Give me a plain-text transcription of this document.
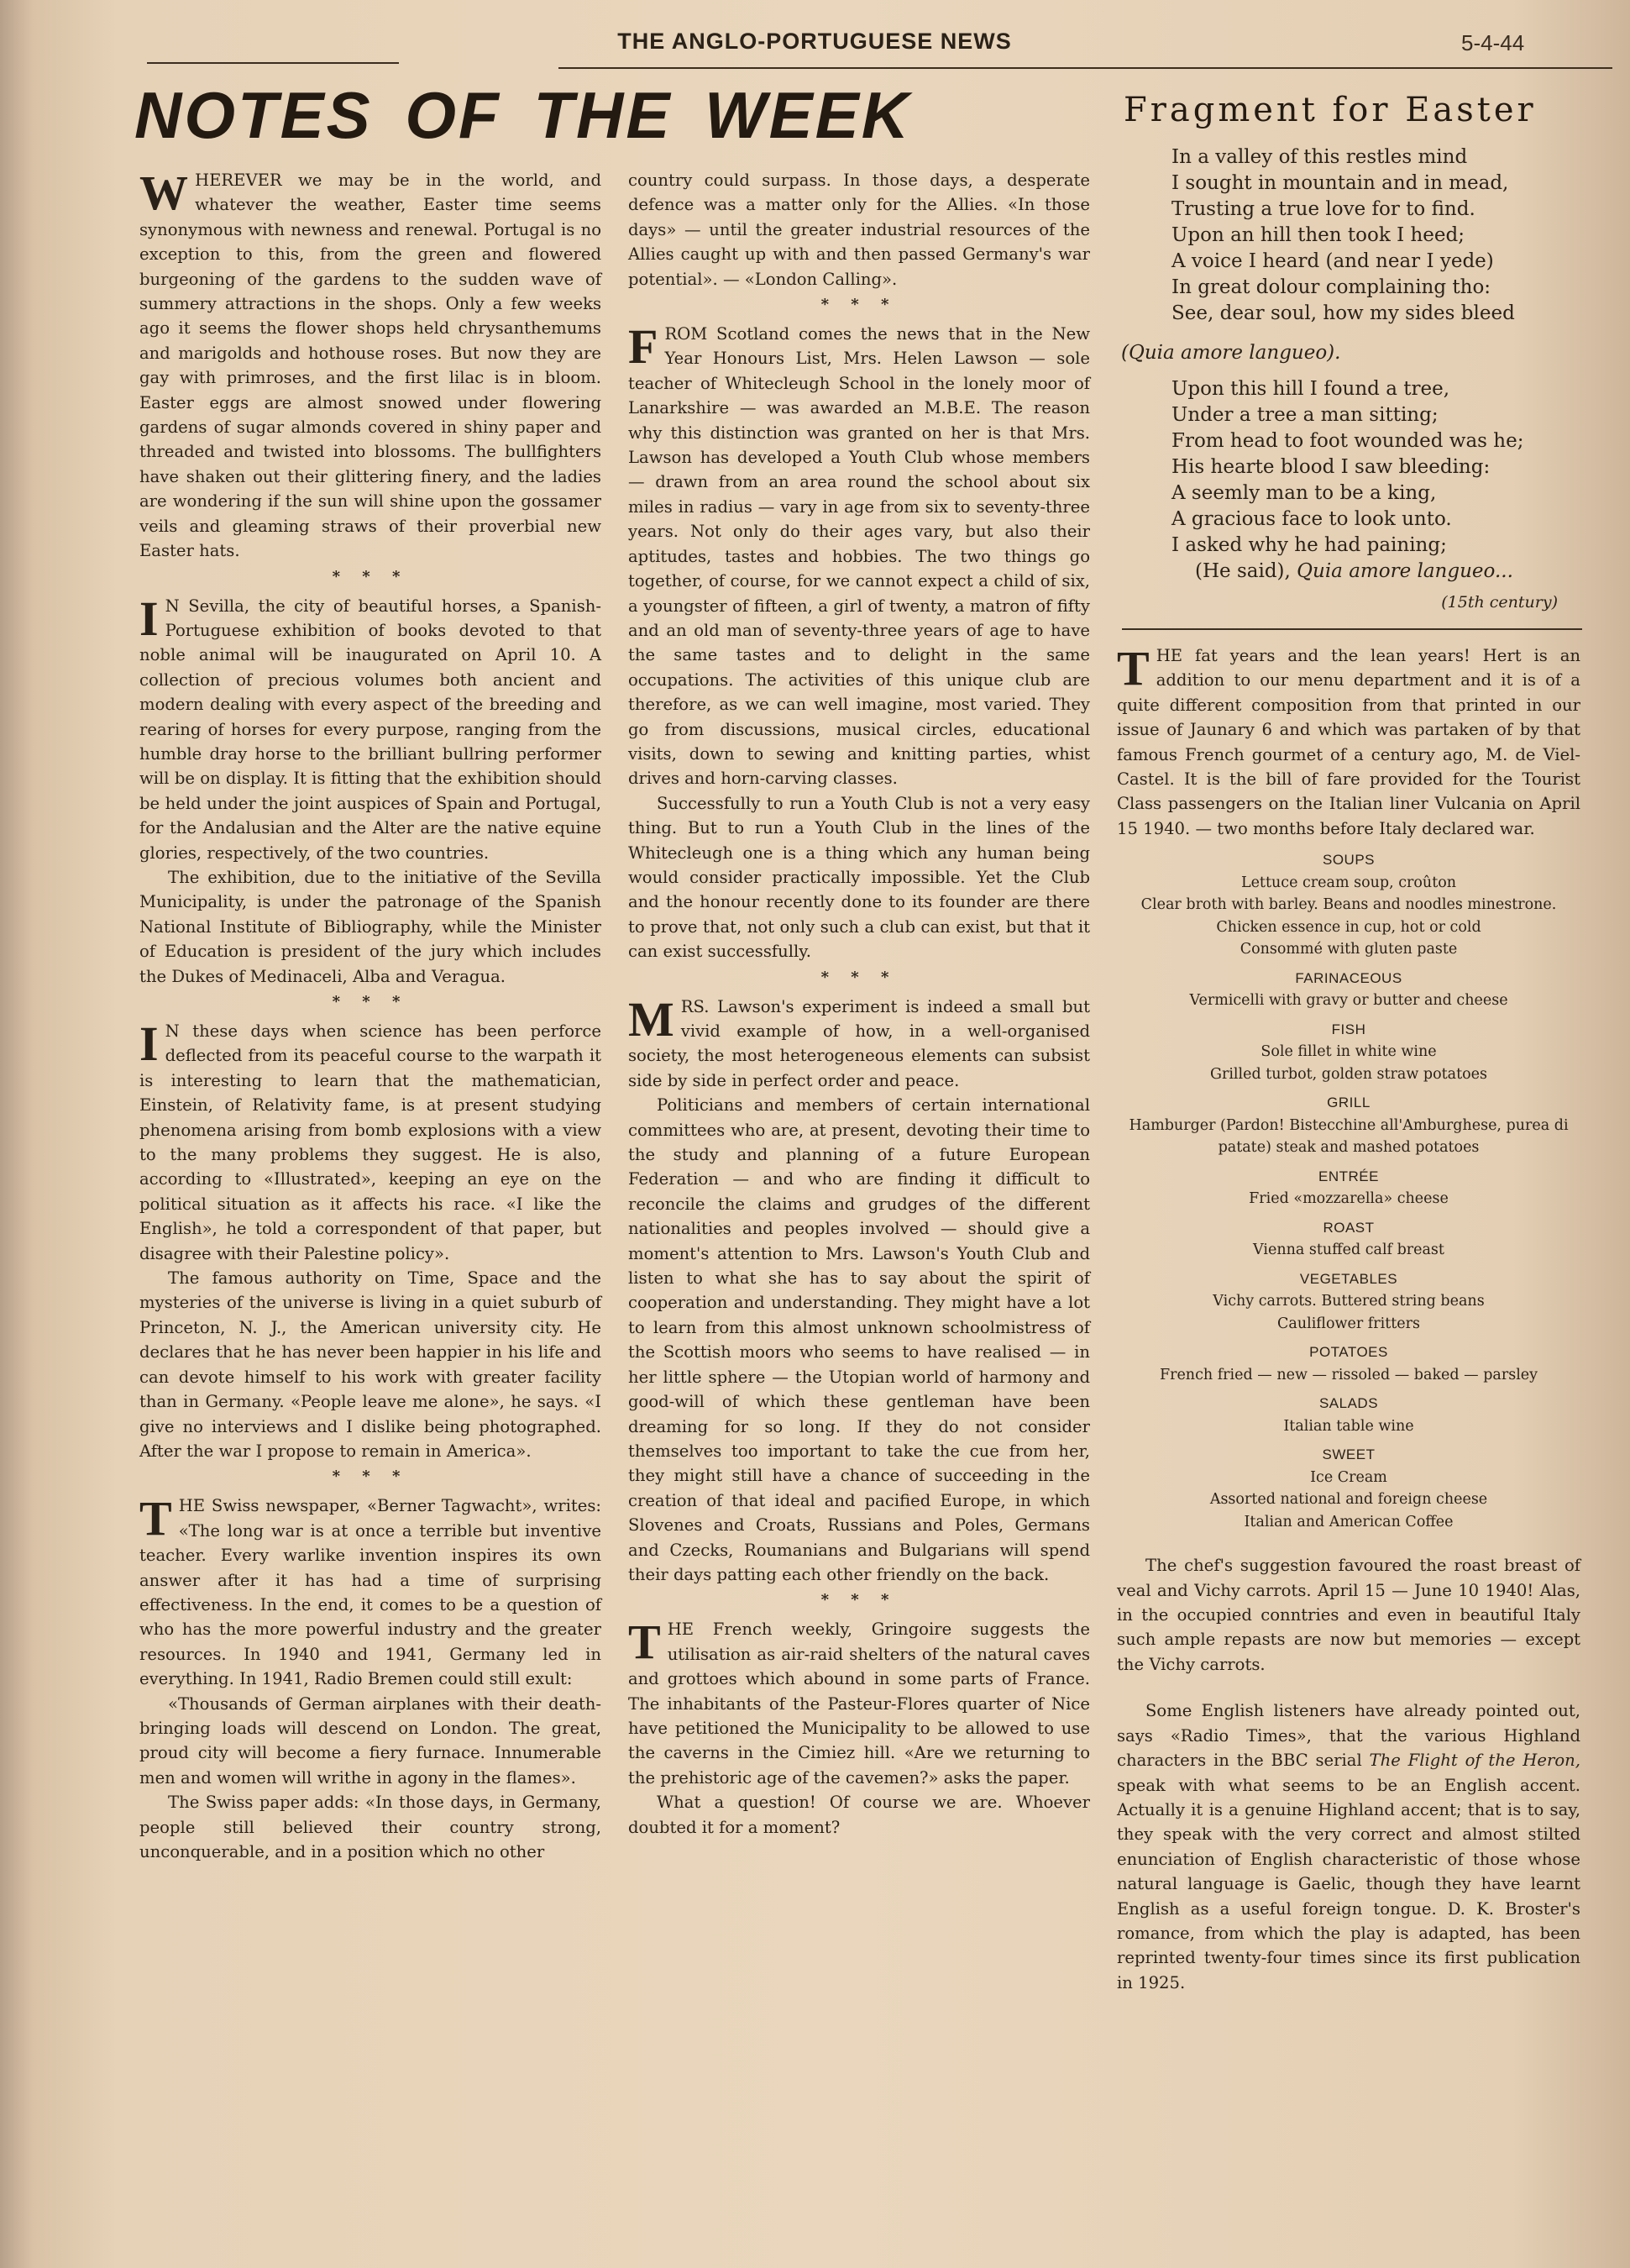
THE ANGLO-PORTUGUESE NEWS	5-4-44
NOTES OF THE WEEK

WHEREVER we may be in the world, and whatever the weather, Easter time seems synonymous with newness and renewal. Portugal is no exception to this, from the green and flowered burgeoning of the gardens to the sudden wave of summery attractions in the shops. Only a few weeks ago it seems the flower shops held chrysanthemums and marigolds and hothouse roses. But now they are gay with primroses, and the first lilac is in bloom. Easter eggs are almost snowed under flowering gardens of sugar almonds covered in shiny paper and threaded and twisted into blossoms. The bullfighters have shaken out their glittering finery, and the ladies are wondering if the sun will shine upon the gossamer veils and gleaming straws of their proverbial new Easter hats.

* * *

I N Sevilla, the city of beautiful horses, a Spanish-Portuguese exhibition of books devoted to that noble animal will be inaugurated on April 10. A collection of precious volumes both ancient and modern dealing with every aspect of the breeding and rearing of horses for every purpose, ranging from the humble dray horse to the brilliant bullring performer will be on display. It is fitting that the exhibition should be held under the joint auspices of Spain and Portugal, for the Andalusian and the Alter are the native equine glories, respectively, of the two countries.

The exhibition, due to the initiative of the Sevilla Municipality, is under the patronage of the Spanish National Institute of Bibliography, while the Minister of Education is president of the jury which includes the Dukes of Medinaceli, Alba and Veragua.

* * *

I N these days when science has been perforce deflected from its peaceful course to the warpath it is interesting to learn that the mathematician, Einstein, of Relativity fame, is at present studying phenomena arising from bomb explosions with a view to the many problems they suggest. He is also, according to «Illustrated», keeping an eye on the political situation as it affects his race. «I like the English», he told a correspondent of that paper, but disagree with their Palestine policy».

The famous authority on Time, Space and the mysteries of the universe is living in a quiet suburb of Princeton, N. J., the American university city. He declares that he has never been happier in his life and can devote himself to his work with greater facility than in Germany. «People leave me alone», he says. «I give no interviews and I dislike being photographed. After the war I propose to remain in America».

* * *

THE Swiss newspaper, «Berner Tagwacht», writes: «The long war is at once a terrible but inventive teacher. Every warlike invention inspires its own answer after it has had a time of surprising effectiveness. In the end, it comes to be a question of who has the more powerful industry and the greater resources. In 1940 and 1941, Germany led in everything. In 1941, Radio Bremen could still exult:

«Thousands of German airplanes with their death-bringing loads will descend on London. The great, proud city will become a fiery furnace. Innumerable men and women will writhe in agony in the flames».

The Swiss paper adds: «In those days, in Germany, people still believed their country strong, unconquerable, and in a position which no other

country could surpass. In those days, a desperate defence was a matter only for the Allies. «In those days» — until the greater industrial resources of the Allies caught up with and then passed Germany's war potential». — «London Calling».

* * *

FROM Scotland comes the news that in the New Year Honours List, Mrs. Helen Lawson — sole teacher of Whitecleugh School in the lonely moor of Lanarkshire — was awarded an M.B.E. The reason why this distinction was granted on her is that Mrs. Lawson has developed a Youth Club whose members — drawn from an area round the school about six miles in radius — vary in age from six to seventy-three years. Not only do their ages vary, but also their aptitudes, tastes and hobbies. The two things go together, of course, for we cannot expect a child of six, a youngster of fifteen, a girl of twenty, a matron of fifty and an old man of seventy-three years of age to have the same tastes and to delight in the same occupations. The activities of this unique club are therefore, as we can well imagine, most varied. They go from discussions, musical circles, educational visits, down to sewing and knitting parties, whist drives and horn-carving classes.

Successfully to run a Youth Club is not a very easy thing. But to run a Youth Club in the lines of the Whitecleugh one is a thing which any human being would consider practically impossible. Yet the Club and the honour recently done to its founder are there to prove that, not only such a club can exist, but that it can exist successfully.

* * *

MRS. Lawson's experiment is indeed a small but vivid example of how, in a well-organised society, the most heterogeneous elements can subsist side by side in perfect order and peace.

Politicians and members of certain international committees who are, at present, devoting their time to the study and planning of a future European Federation — and who are finding it difficult to reconcile the claims and grudges of the different nationalities and peoples involved — should give a moment's attention to Mrs. Lawson's Youth Club and listen to what she has to say about the spirit of cooperation and understanding. They might have a lot to learn from this almost unknown schoolmistress of the Scottish moors who seems to have realised — in her little sphere — the Utopian world of harmony and good-will of which these gentleman have been dreaming for so long. If they do not consider themselves too important to take the cue from her, they might still have a chance of succeeding in the creation of that ideal and pacified Europe, in which Slovenes and Croats, Russians and Poles, Germans and Czecks, Roumanians and Bulgarians will spend their days patting each other friendly on the back.

* * *

THE French weekly, Gringoire suggests the utilisation as air-raid shelters of the natural caves and grottoes which abound in some parts of France. The inhabitants of the Pasteur-Flores quarter of Nice have petitioned the Municipality to be allowed to use the caverns in the Cimiez hill. «Are we returning to the prehistoric age of the cavemen?» asks the paper.

What a question! Of course we are. Whoever doubted it for a moment?

Fragment for Easter
In a valley of this restles mind
I sought in mountain and in mead,
Trusting a true love for to find.
Upon an hill then took I heed;
A voice I heard (and near I yede)
In great dolour complaining tho:
See, dear soul, how my sides bleed
(Quia amore langueo).
Upon this hill I found a tree,
Under a tree a man sitting;
From head to foot wounded was he;
His hearte blood I saw bleeding:
A seemly man to be a king,
A gracious face to look unto.
I asked why he had paining;
(He said), Quia amore langueo...
(15th century)

THE fat years and the lean years! Hert is an addition to our menu department and it is of a quite different composition from that printed in our issue of Jaunary 6 and which was partaken of by that famous French gourmet of a century ago, M. de Viel-Castel. It is the bill of fare provided for the Tourist Class passengers on the Italian liner Vulcania on April 15 1940. — two months before Italy declared war.

SOUPS
Lettuce cream soup, croûton
Clear broth with barley. Beans and noodles minestrone.
Chicken essence in cup, hot or cold
Consommé with gluten paste
FARINACEOUS
Vermicelli with gravy or butter and cheese
FISH
Sole fillet in white wine
Grilled turbot, golden straw potatoes
GRILL
Hamburger (Pardon! Bistecchine all'Amburghese, purea di patate) steak and mashed potatoes
ENTRÉE
Fried «mozzarella» cheese
ROAST
Vienna stuffed calf breast
VEGETABLES
Vichy carrots. Buttered string beans
Cauliflower fritters
POTATOES
French fried — new — rissoled — baked — parsley
SALADS
Italian table wine
SWEET
Ice Cream
Assorted national and foreign cheese
Italian and American Coffee

The chef's suggestion favoured the roast breast of veal and Vichy carrots. April 15 — June 10 1940! Alas, in the occupied conntries and even in beautiful Italy such ample repasts are now but memories — except the Vichy carrots.

Some English listeners have already pointed out, says «Radio Times», that the various Highland characters in the BBC serial The Flight of the Heron, speak with what seems to be an English accent. Actually it is a genuine Highland accent; that is to say, they speak with the very correct and almost stilted enunciation of English characteristic of those whose natural language is Gaelic, though they have learnt English as a useful foreign tongue. D. K. Broster's romance, from which the play is adapted, has been reprinted twenty-four times since its first publication in 1925.
